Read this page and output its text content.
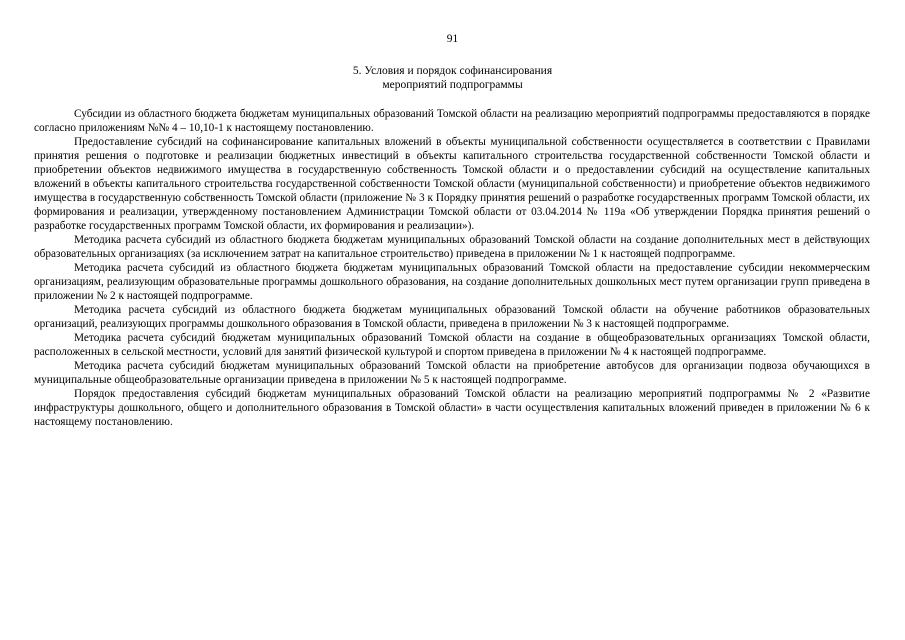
91
5. Условия и порядок софинансирования
мероприятий подпрограммы

Субсидии из областного бюджета бюджетам муниципальных образований Томской области на реализацию мероприятий подпрограммы предоставляются в порядке согласно приложениям №№ 4 – 10,10-1 к настоящему постановлению.

Предоставление субсидий на софинансирование капитальных вложений в объекты муниципальной собственности осуществляется в соответствии с Правилами принятия решения о подготовке и реализации бюджетных инвестиций в объекты капитального строительства государственной собственности Томской области и приобретении объектов недвижимого имущества в государственную собственность Томской области и о предоставлении субсидий на осуществление капитальных вложений в объекты капитального строительства государственной собственности Томской области (муниципальной собственности) и приобретение объектов недвижимого имущества в государственную собственность Томской области (приложение № 3 к Порядку принятия решений о разработке государственных программ Томской области, их формирования и реализации, утвержденному постановлением Администрации Томской области от 03.04.2014 № 119а «Об утверждении Порядка принятия решений о разработке государственных программ Томской области, их формирования и реализации»).

Методика расчета субсидий из областного бюджета бюджетам муниципальных образований Томской области на создание дополнительных мест в действующих образовательных организациях (за исключением затрат на капитальное строительство) приведена в приложении № 1 к настоящей подпрограмме.

Методика расчета субсидий из областного бюджета бюджетам муниципальных образований Томской области на предоставление субсидии некоммерческим организациям, реализующим образовательные программы дошкольного образования, на создание дополнительных дошкольных мест путем организации групп приведена в приложении № 2 к настоящей подпрограмме.

Методика расчета субсидий из областного бюджета бюджетам муниципальных образований Томской области на обучение работников образовательных организаций, реализующих программы дошкольного образования в Томской области, приведена в приложении № 3 к настоящей подпрограмме.

Методика расчета субсидий бюджетам муниципальных образований Томской области на создание в общеобразовательных организациях Томской области, расположенных в сельской местности, условий для занятий физической культурой и спортом приведена в приложении № 4 к настоящей подпрограмме.

Методика расчета субсидий бюджетам муниципальных образований Томской области на приобретение автобусов для организации подвоза обучающихся в муниципальные общеобразовательные организации приведена в приложении № 5 к настоящей подпрограмме.

Порядок предоставления субсидий бюджетам муниципальных образований Томской области на реализацию мероприятий подпрограммы № 2 «Развитие инфраструктуры дошкольного, общего и дополнительного образования в Томской области» в части осуществления капитальных вложений приведен в приложении № 6 к настоящему постановлению.
